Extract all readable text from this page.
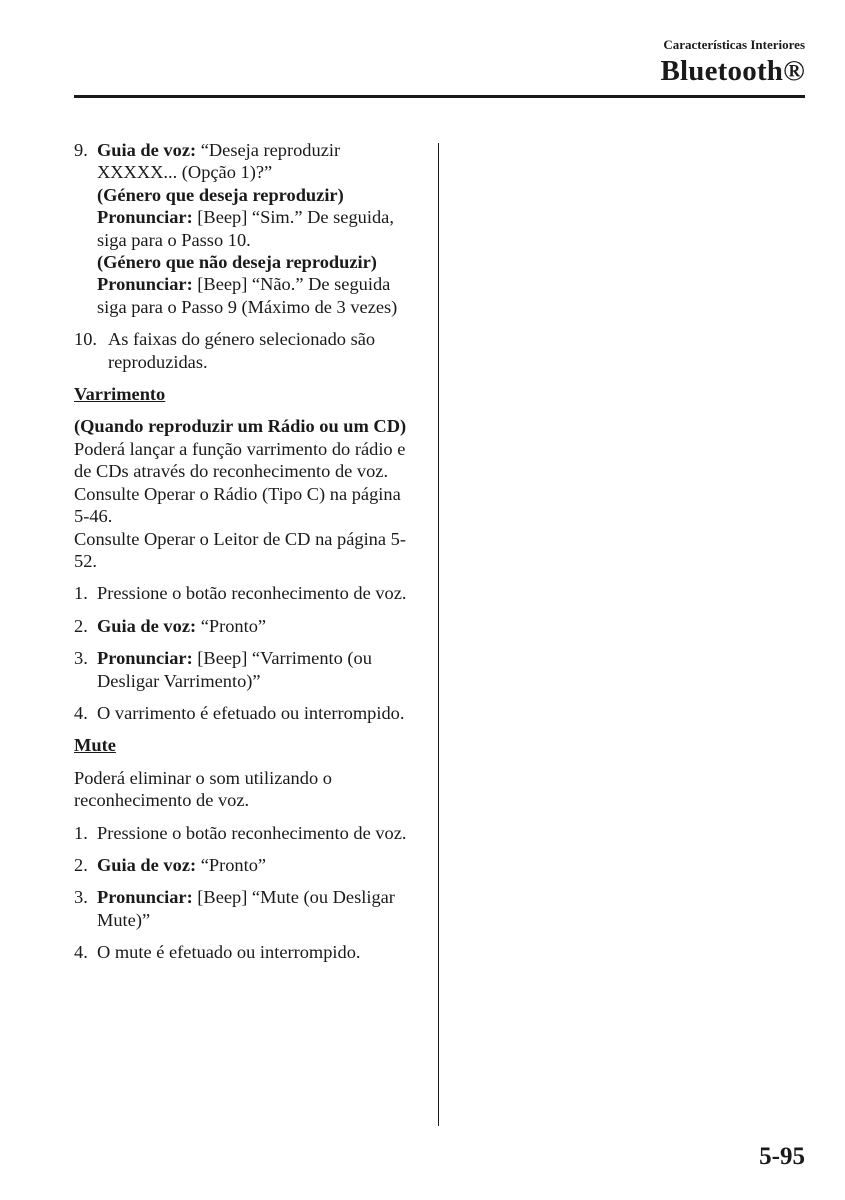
Características Interiores
Bluetooth®
9. Guia de voz: “Deseja reproduzir XXXXX... (Opção 1)?”
(Género que deseja reproduzir)
Pronunciar: [Beep] “Sim.” De seguida, siga para o Passo 10.
(Género que não deseja reproduzir)
Pronunciar: [Beep] “Não.” De seguida siga para o Passo 9 (Máximo de 3 vezes)
10. As faixas do género selecionado são reproduzidas.
Varrimento
(Quando reproduzir um Rádio ou um CD)
Poderá lançar a função varrimento do rádio e de CDs através do reconhecimento de voz.
Consulte Operar o Rádio (Tipo C) na página 5-46.
Consulte Operar o Leitor de CD na página 5-52.
1. Pressione o botão reconhecimento de voz.
2. Guia de voz: “Pronto”
3. Pronunciar: [Beep] “Varrimento (ou Desligar Varrimento)”
4. O varrimento é efetuado ou interrompido.
Mute
Poderá eliminar o som utilizando o reconhecimento de voz.
1. Pressione o botão reconhecimento de voz.
2. Guia de voz: “Pronto”
3. Pronunciar: [Beep] “Mute (ou Desligar Mute)”
4. O mute é efetuado ou interrompido.
5-95
